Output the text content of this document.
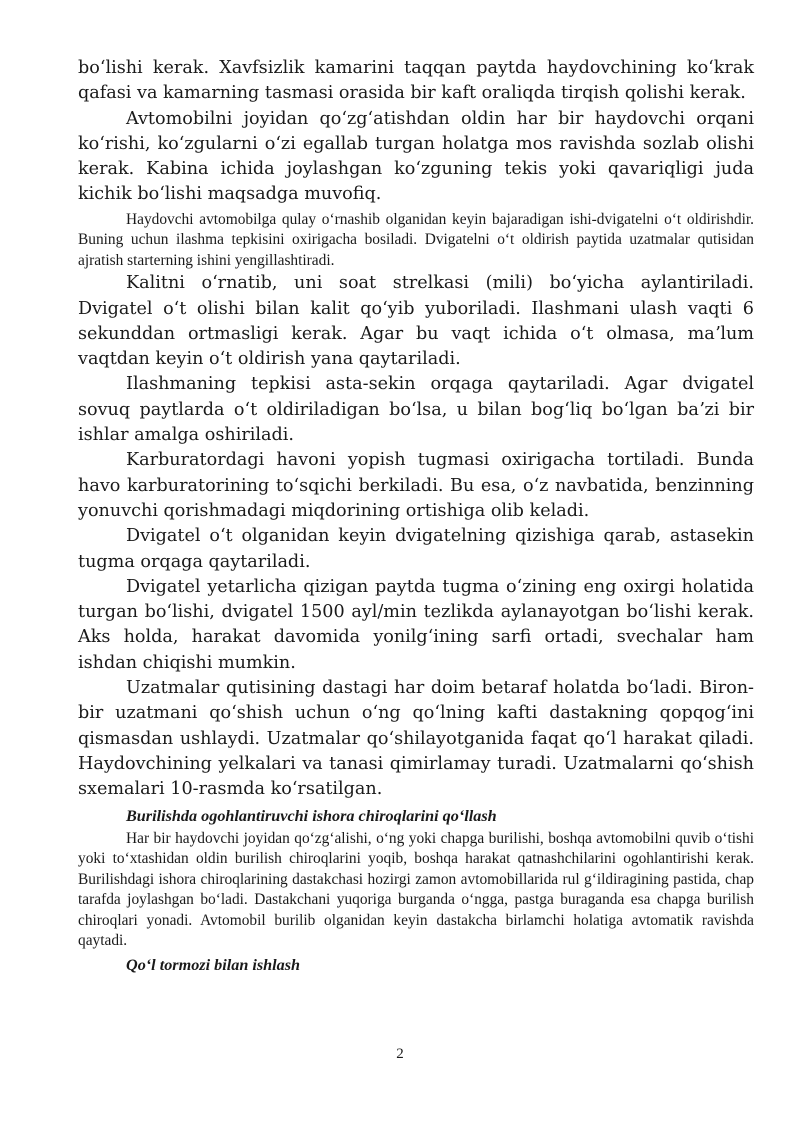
boʻlishi kerak. Xavfsizlik kamarini taqqan paytda haydovchining koʻkrak qafasi va kamarning tasmasi orasida bir kaft oraliqda tirqish qolishi kerak.

Avtomobilni joyidan qoʻzgʻatishdan oldin har bir haydovchi orqani koʻrishi, koʻzgularni oʻzi egallab turgan holatga mos ravishda sozlab olishi kerak. Kabina ichida joylashgan koʻzguning tekis yoki qavariqligi juda kichik boʻlishi maqsadga muvofiq.

Haydovchi avtomobilga qulay oʻrnashib olganidan keyin bajaradigan ishi-dvigatelni oʻt oldirishdir. Buning uchun ilashma tepkisini oxirigacha bosiladi. Dvigatelni oʻt oldirish paytida uzatmalar qutisidan ajratish starterning ishini yengillashtiradi.

Kalitni oʻrnatib, uni soat strelkasi (mili) boʻyicha aylantiriladi. Dvigatel oʻt olishi bilan kalit qoʻyib yuboriladi. Ilashmani ulash vaqti 6 sekunddan ortmasligi kerak. Agar bu vaqt ichida oʻt olmasa, maʼlum vaqtdan keyin oʻt oldirish yana qaytariladi.

Ilashmaning tepkisi asta-sekin orqaga qaytariladi. Agar dvigatel sovuq paytlarda oʻt oldiriladigan boʻlsa, u bilan bogʻliq boʻlgan baʼzi bir ishlar amalga oshiriladi.

Karburatordagi havoni yopish tugmasi oxirigacha tortiladi. Bunda havo karburatorining toʻsqichi berkiladi. Bu esa, oʻz navbatida, benzinning yonuvchi qorishmadagi miqdorining ortishiga olib keladi.

Dvigatel oʻt olganidan keyin dvigatelning qizishiga qarab, astasekin tugma orqaga qaytariladi.

Dvigatel yetarlicha qizigan paytda tugma oʻzining eng oxirgi holatida turgan boʻlishi, dvigatel 1500 ayl/min tezlikda aylanayotgan boʻlishi kerak. Aks holda, harakat davomida yonilgʻining sarfi ortadi, svechalar ham ishdan chiqishi mumkin.

Uzatmalar qutisining dastagi har doim betaraf holatda boʻladi. Biron-bir uzatmani qoʻshish uchun oʻng qoʻlning kafti dastakning qopqogʻini qismasdan ushlaydi. Uzatmalar qoʻshilayotganida faqat qoʻl harakat qiladi. Haydovchining yelkalari va tanasi qimirlamay turadi. Uzatmalarni qoʻshish sxemalari 10-rasmda koʻrsatilgan.

Burilishda ogohlantiruvchi ishora chiroqlarini qoʻllash

Har bir haydovchi joyidan qoʻzgʻalishi, oʻng yoki chapga burilishi, boshqa avtomobilni quvib oʻtishi yoki toʻxtashidan oldin burilish chiroqlarini yoqib, boshqa harakat qatnashchilarini ogohlantirishi kerak. Burilishdagi ishora chiroqlarining dastakchasi hozirgi zamon avtomobillarida rul gʻildiragining pastida, chap tarafda joylashgan boʻladi. Dastakchani yuqoriga burganda oʻngga, pastga buraganda esa chapga burilish chiroqlari yonadi. Avtomobil burilib olganidan keyin dastakcha birlamchi holatiga avtomatik ravishda qaytadi.

Qoʻl tormozi bilan ishlash

2
